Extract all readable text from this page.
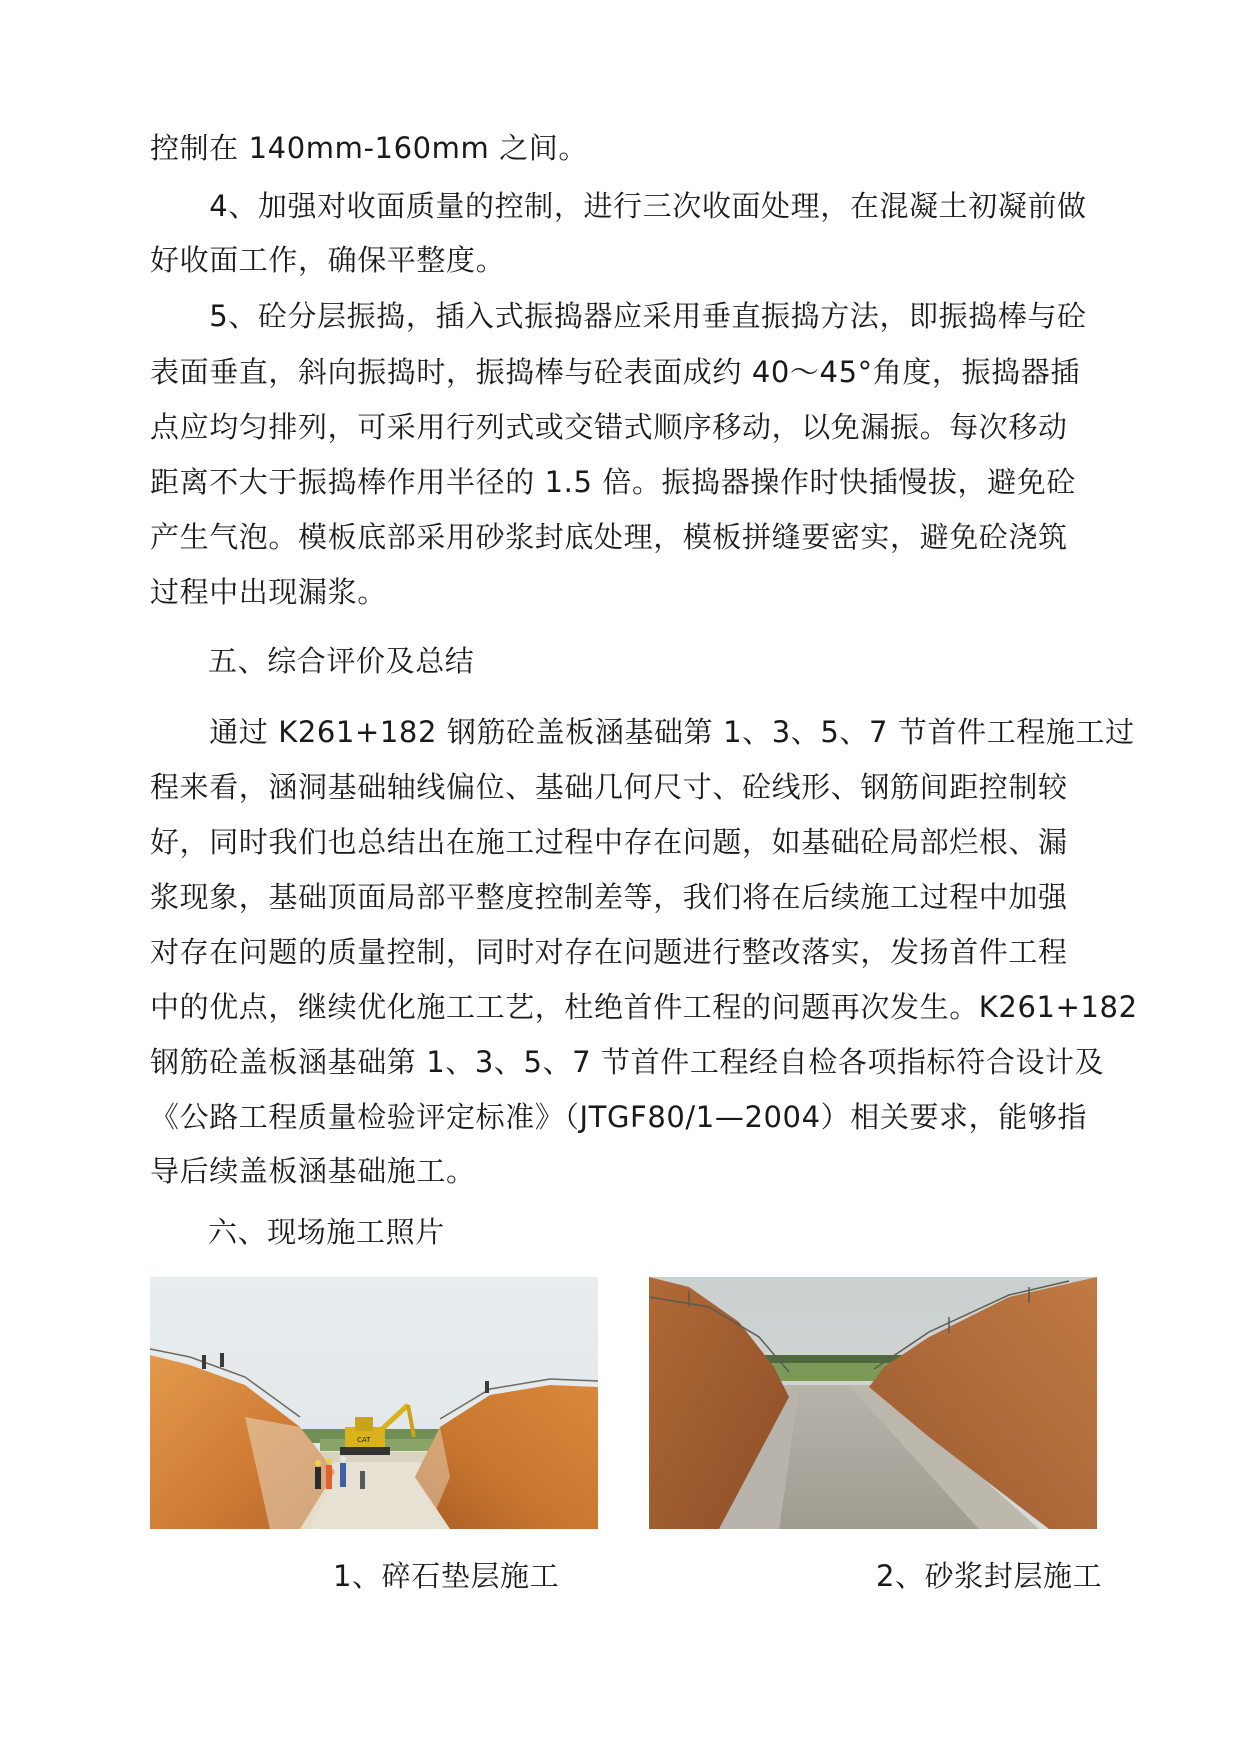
控制在 140mm-160mm 之间。
　　4、加强对收面质量的控制，进行三次收面处理，在混凝土初凝前做
好收面工作，确保平整度。
　　5、砼分层振捣，插入式振捣器应采用垂直振捣方法，即振捣棒与砼
表面垂直，斜向振捣时，振捣棒与砼表面成约 40～45°角度，振捣器插
点应均匀排列，可采用行列式或交错式顺序移动，以免漏振。每次移动
距离不大于振捣棒作用半径的 1.5 倍。振捣器操作时快插慢拔，避免砼
产生气泡。模板底部采用砂浆封底处理，模板拼缝要密实，避免砼浇筑
过程中出现漏浆。
五、综合评价及总结
　　通过 K261+182 钢筋砼盖板涵基础第 1、3、5、7 节首件工程施工过
程来看，涵洞基础轴线偏位、基础几何尺寸、砼线形、钢筋间距控制较
好，同时我们也总结出在施工过程中存在问题，如基础砼局部烂根、漏
浆现象，基础顶面局部平整度控制差等，我们将在后续施工过程中加强
对存在问题的质量控制，同时对存在问题进行整改落实，发扬首件工程
中的优点，继续优化施工工艺，杜绝首件工程的问题再次发生。K261+182
钢筋砼盖板涵基础第 1、3、5、7 节首件工程经自检各项指标符合设计及
《公路工程质量检验评定标准》（JTGF80/1—2004）相关要求，能够指
导后续盖板涵基础施工。
六、现场施工照片
CAT
1、碎石垫层施工	2、砂浆封层施工
